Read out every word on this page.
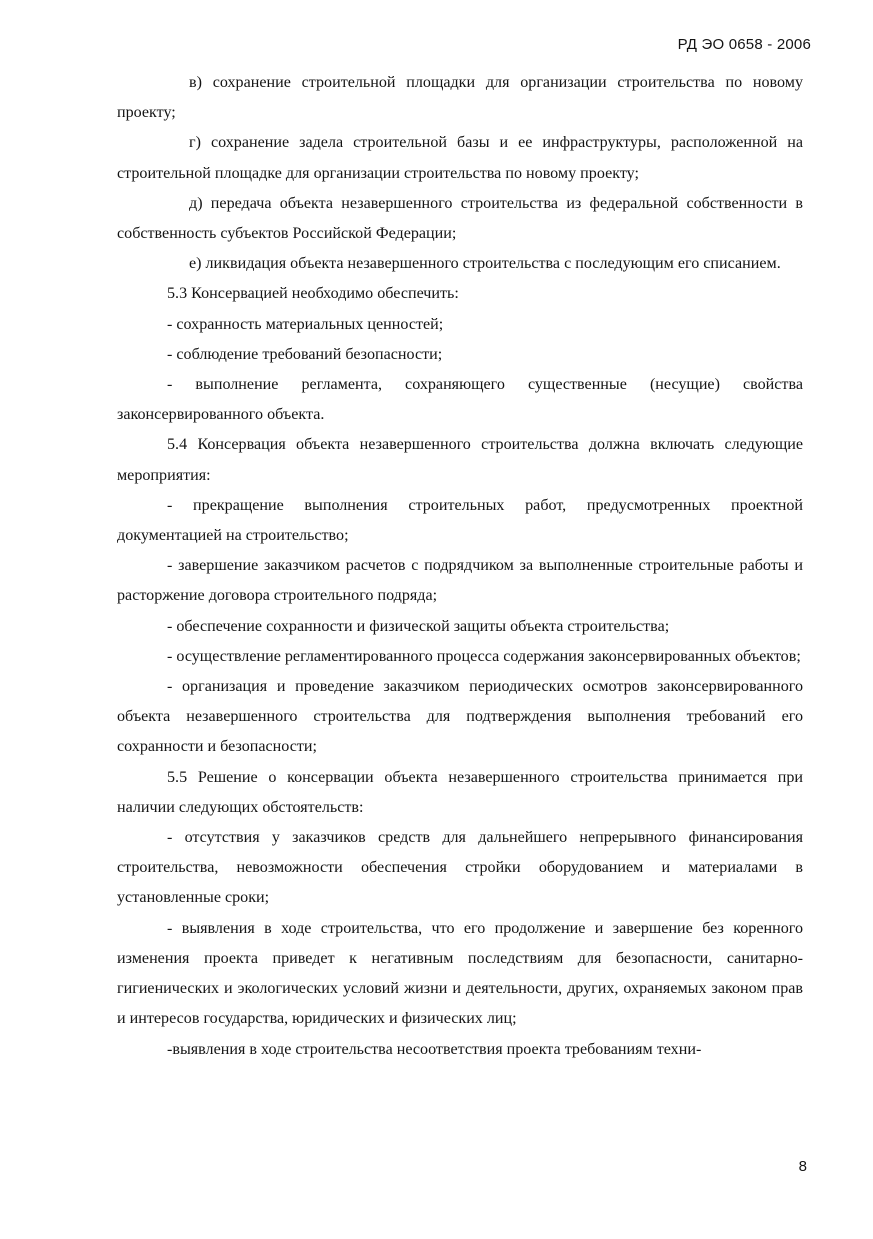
РД ЭО 0658 - 2006

в) сохранение строительной площадки для организации строительства по новому проекту;

г) сохранение задела строительной базы и ее инфраструктуры, расположенной на строительной площадке для организации строительства по новому проекту;

д) передача объекта незавершенного строительства из федеральной собственности в собственность субъектов Российской Федерации;

е) ликвидация объекта незавершенного строительства с последующим его списанием.

5.3 Консервацией необходимо обеспечить:

- сохранность материальных ценностей;

- соблюдение требований безопасности;

- выполнение регламента, сохраняющего существенные (несущие) свойства законсервированного объекта.

5.4 Консервация объекта незавершенного строительства должна включать следующие мероприятия:

- прекращение выполнения строительных работ, предусмотренных проектной документацией на строительство;

- завершение заказчиком расчетов с подрядчиком за выполненные строительные работы и расторжение договора строительного подряда;

- обеспечение сохранности и физической защиты объекта строительства;

- осуществление регламентированного процесса содержания законсервированных объектов;

- организация и проведение заказчиком периодических осмотров законсервированного объекта незавершенного строительства для подтверждения выполнения требований его сохранности и безопасности;

5.5 Решение о консервации объекта незавершенного строительства принимается при наличии следующих обстоятельств:

- отсутствия у заказчиков средств для дальнейшего непрерывного финансирования строительства, невозможности обеспечения стройки оборудованием и материалами в установленные сроки;

- выявления в ходе строительства, что его продолжение и завершение без коренного изменения проекта приведет к негативным последствиям для безопасности, санитарно-гигиенических и экологических условий жизни и деятельности, других, охраняемых законом прав и интересов государства, юридических и физических лиц;

-выявления в ходе строительства несоответствия проекта требованиям техни-

8
